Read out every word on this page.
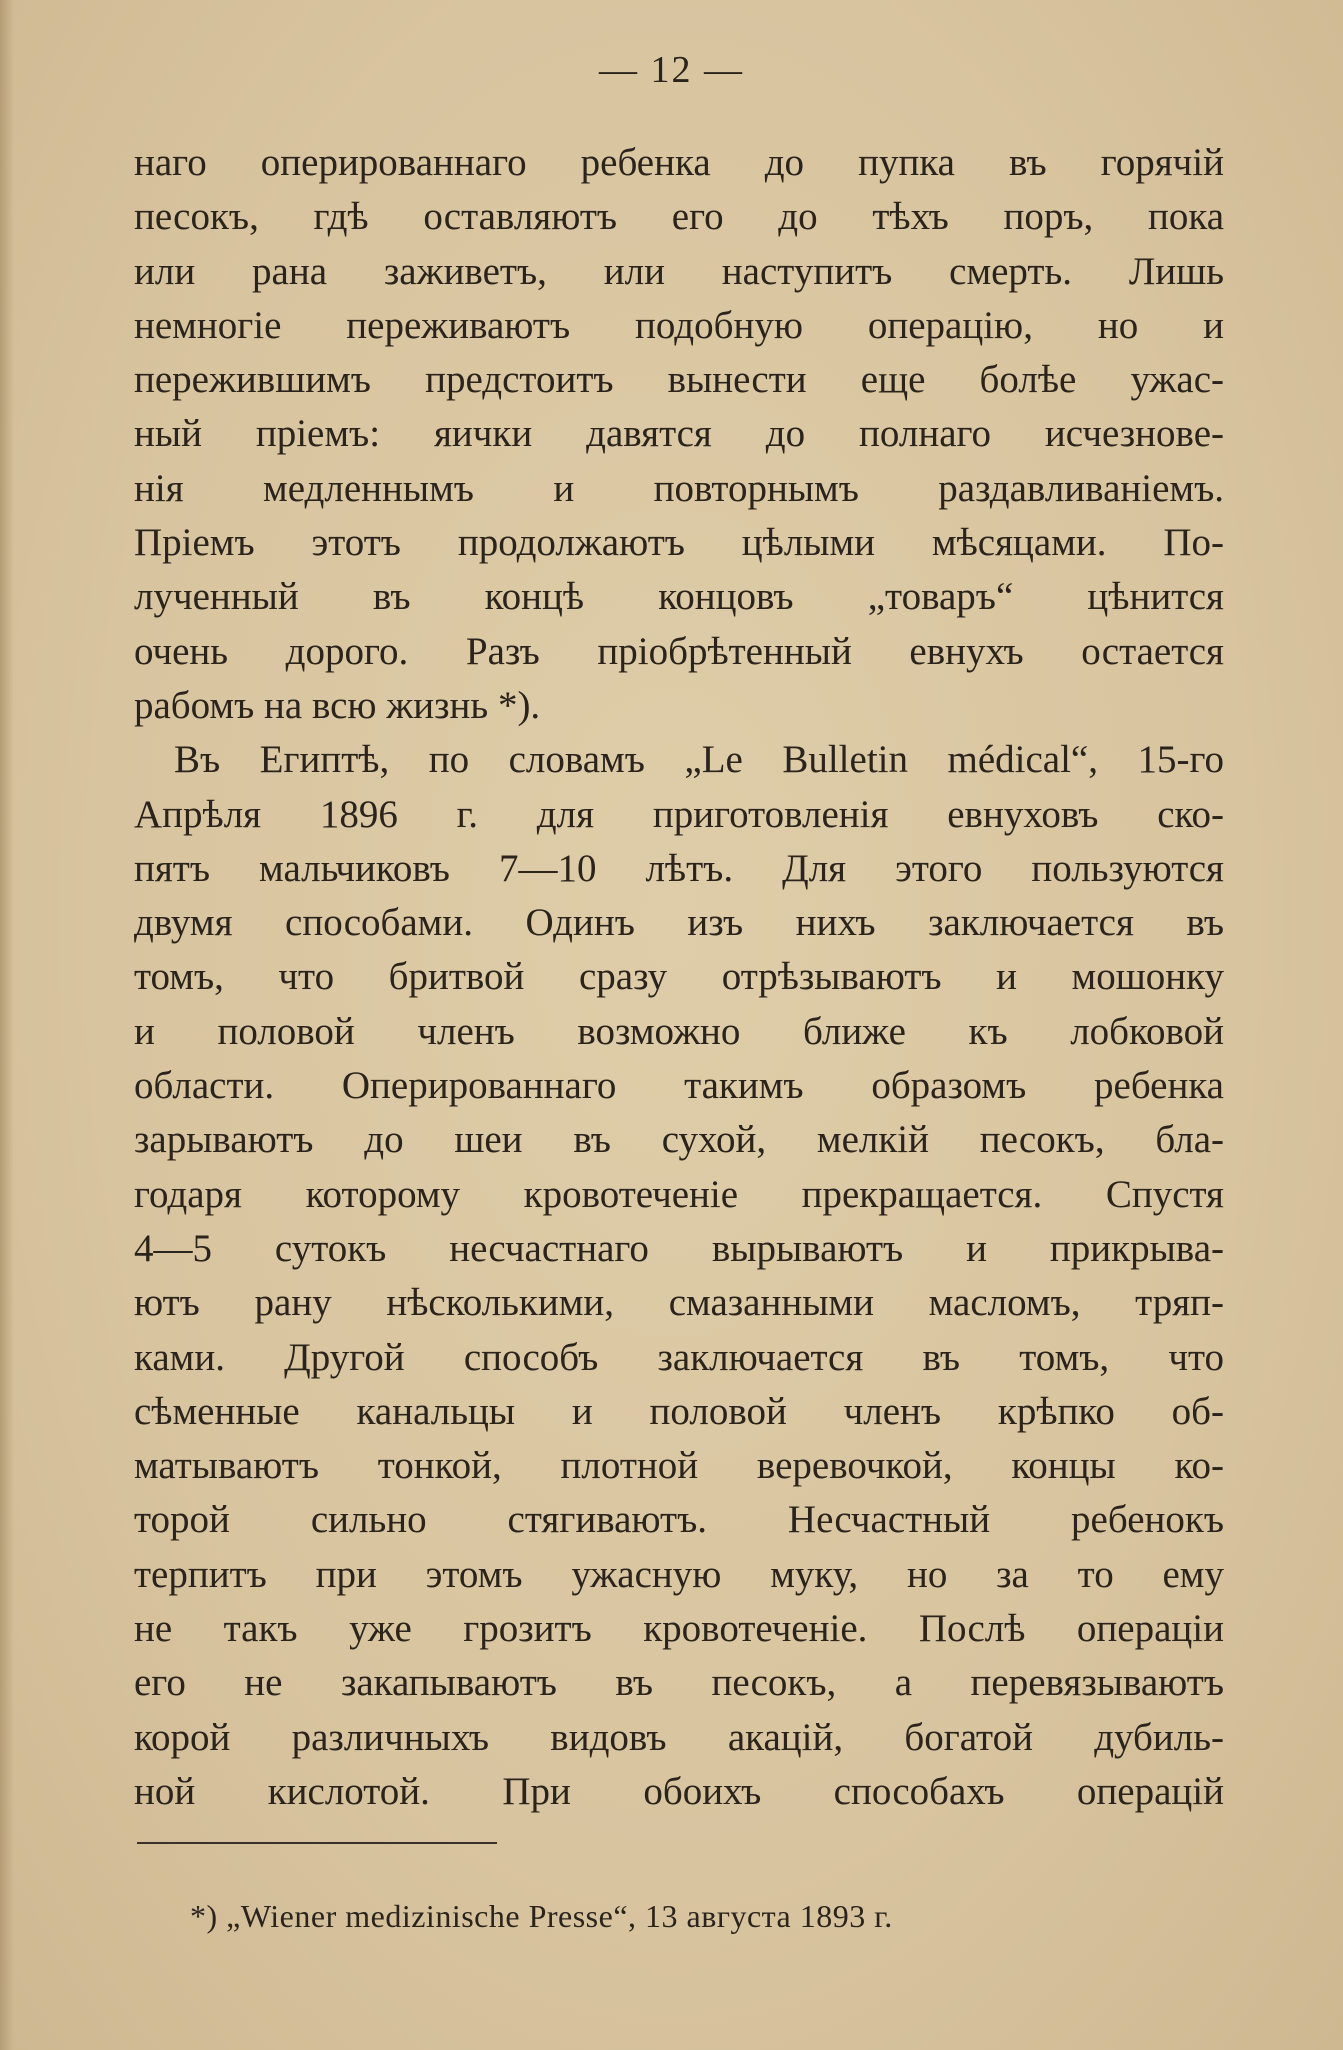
— 12 —
наго оперированнаго ребенка до пупка въ горячій
песокъ, гдѣ оставляютъ его до тѣхъ поръ, пока
или рана заживетъ, или наступитъ смерть. Лишь
немногіе переживаютъ подобную операцію, но и
пережившимъ предстоитъ вынести еще болѣе ужас-
ный пріемъ: яички давятся до полнаго исчезнове-
нія медленнымъ и повторнымъ раздавливаніемъ.
Пріемъ этотъ продолжаютъ цѣлыми мѣсяцами. По-
лученный въ концѣ концовъ „товаръ“ цѣнится
очень дорого. Разъ пріобрѣтенный евнухъ остается
рабомъ на всю жизнь *).
Въ Египтѣ, по словамъ „Le Bulletin médical“, 15-го
Апрѣля 1896 г. для приготовленія евнуховъ ско-
пятъ мальчиковъ 7—10 лѣтъ. Для этого пользуются
двумя способами. Одинъ изъ нихъ заключается въ
томъ, что бритвой сразу отрѣзываютъ и мошонку
и половой членъ возможно ближе къ лобковой
области. Оперированнаго такимъ образомъ ребенка
зарываютъ до шеи въ сухой, мелкій песокъ, бла-
годаря которому кровотеченіе прекращается. Спустя
4—5 сутокъ несчастнаго вырываютъ и прикрыва-
ютъ рану нѣсколькими, смазанными масломъ, тряп-
ками. Другой способъ заключается въ томъ, что
сѣменные канальцы и половой членъ крѣпко об-
матываютъ тонкой, плотной веревочкой, концы ко-
торой сильно стягиваютъ. Несчастный ребенокъ
терпитъ при этомъ ужасную муку, но за то ему
не такъ уже грозитъ кровотеченіе. Послѣ операціи
его не закапываютъ въ песокъ, а перевязываютъ
корой различныхъ видовъ акацій, богатой дубиль-
ной кислотой. При обоихъ способахъ операцій
*) „Wiener medizinische Presse“, 13 августа 1893 г.
